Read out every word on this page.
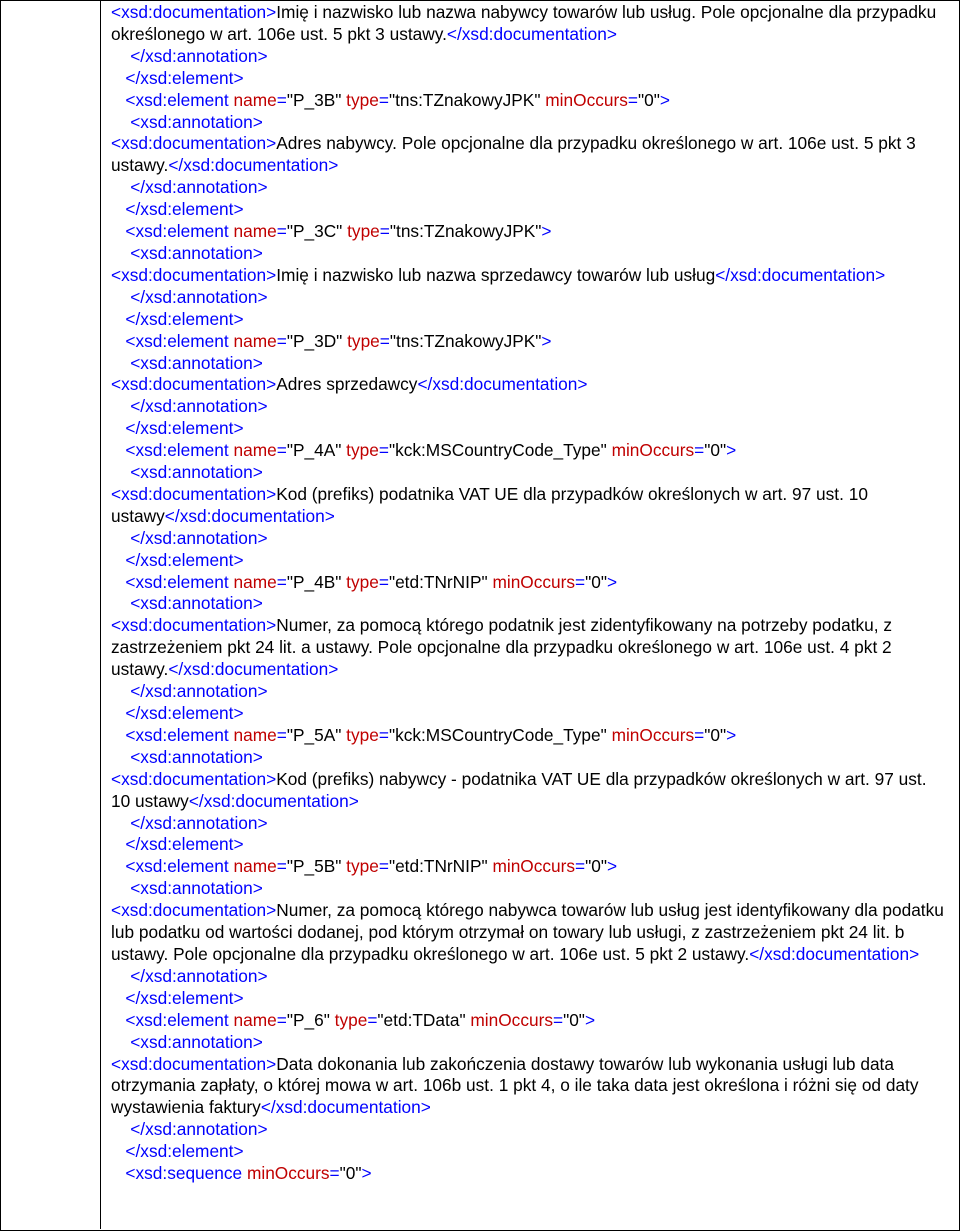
<xsd:documentation>Imię i nazwisko lub nazwa nabywcy towarów lub usług. Pole opcjonalne dla przypadku określonego w art. 106e ust. 5 pkt 3 ustawy.</xsd:documentation>
</xsd:annotation>
</xsd:element>
<xsd:element name="P_3B" type="tns:TZnakowyJPK" minOccurs="0">
<xsd:annotation>
<xsd:documentation>Adres nabywcy. Pole opcjonalne dla przypadku określonego w art. 106e ust. 5 pkt 3 ustawy.</xsd:documentation>
</xsd:annotation>
</xsd:element>
<xsd:element name="P_3C" type="tns:TZnakowyJPK">
<xsd:annotation>
<xsd:documentation>Imię i nazwisko lub nazwa sprzedawcy towarów lub usług</xsd:documentation>
</xsd:annotation>
</xsd:element>
<xsd:element name="P_3D" type="tns:TZnakowyJPK">
<xsd:annotation>
<xsd:documentation>Adres sprzedawcy</xsd:documentation>
</xsd:annotation>
</xsd:element>
<xsd:element name="P_4A" type="kck:MSCountryCode_Type" minOccurs="0">
<xsd:annotation>
<xsd:documentation>Kod (prefiks) podatnika VAT UE dla przypadków określonych w art. 97 ust. 10 ustawy</xsd:documentation>
</xsd:annotation>
</xsd:element>
<xsd:element name="P_4B" type="etd:TNrNIP" minOccurs="0">
<xsd:annotation>
<xsd:documentation>Numer, za pomocą którego podatnik jest zidentyfikowany na potrzeby podatku, z zastrzeżeniem pkt 24 lit. a ustawy. Pole opcjonalne dla przypadku określonego w art. 106e ust. 4 pkt 2 ustawy.</xsd:documentation>
</xsd:annotation>
</xsd:element>
<xsd:element name="P_5A" type="kck:MSCountryCode_Type" minOccurs="0">
<xsd:annotation>
<xsd:documentation>Kod (prefiks) nabywcy - podatnika VAT UE dla przypadków określonych w art. 97 ust. 10 ustawy</xsd:documentation>
</xsd:annotation>
</xsd:element>
<xsd:element name="P_5B" type="etd:TNrNIP" minOccurs="0">
<xsd:annotation>
<xsd:documentation>Numer, za pomocą którego nabywca towarów lub usług jest identyfikowany dla podatku lub podatku od wartości dodanej, pod którym otrzymał on towary lub usługi, z zastrzeżeniem pkt 24 lit. b ustawy. Pole opcjonalne dla przypadku określonego w art. 106e ust. 5 pkt 2 ustawy.</xsd:documentation>
</xsd:annotation>
</xsd:element>
<xsd:element name="P_6" type="etd:TData" minOccurs="0">
<xsd:annotation>
<xsd:documentation>Data dokonania lub zakończenia dostawy towarów lub wykonania usługi lub data otrzymania zapłaty, o której mowa w art. 106b ust. 1 pkt 4, o ile taka data jest określona i różni się od daty wystawienia faktury</xsd:documentation>
</xsd:annotation>
</xsd:element>
<xsd:sequence minOccurs="0">
